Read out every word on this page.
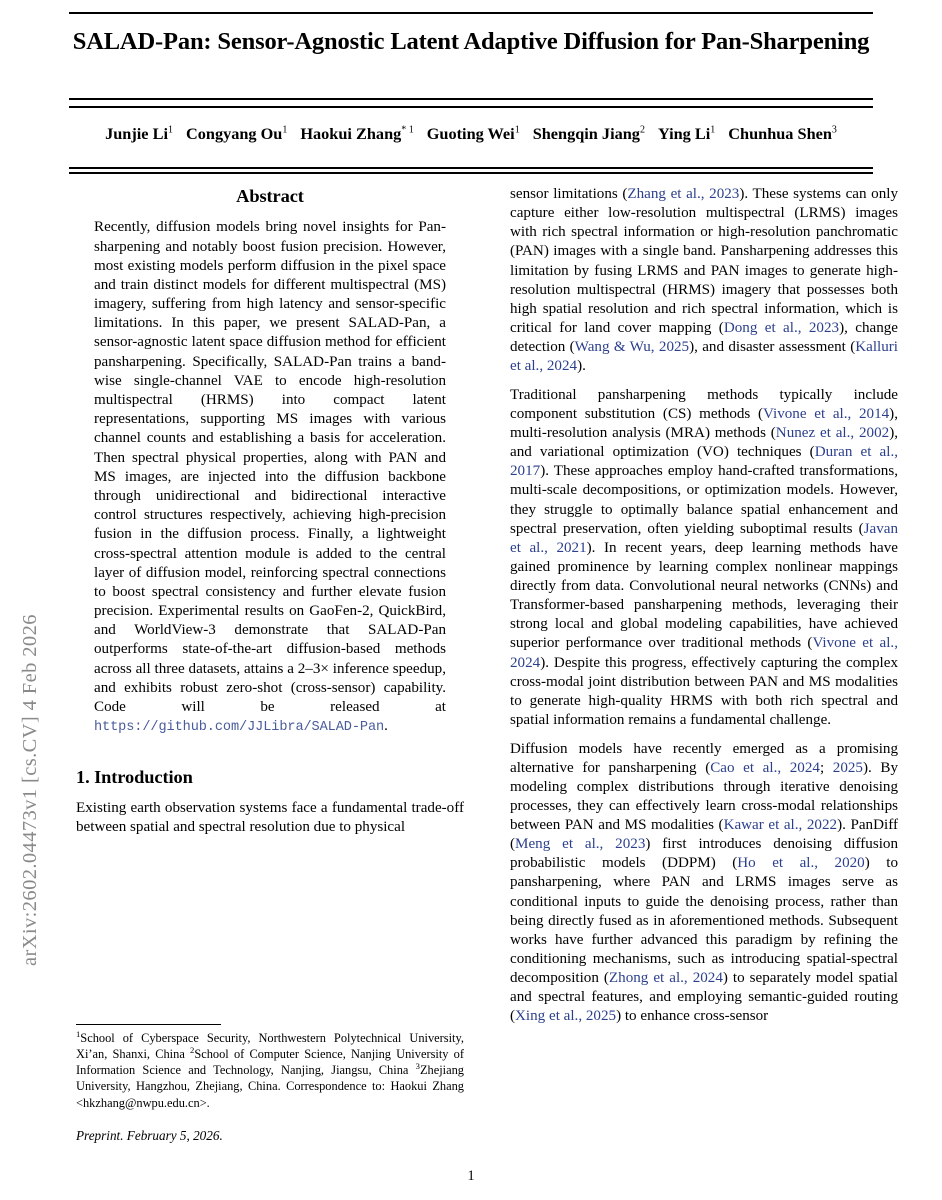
arXiv:2602.04473v1 [cs.CV] 4 Feb 2026
SALAD-Pan: Sensor-Agnostic Latent Adaptive Diffusion for Pan-Sharpening
Junjie Li$^1$ Congyang Ou$^1$ Haokui Zhang$^{* 1}$ Guoting Wei$^1$ Shengqin Jiang$^2$ Ying Li$^1$ Chunhua Shen$^3$
Abstract

Recently, diffusion models bring novel insights for Pan-sharpening and notably boost fusion precision. However, most existing models perform diffusion in the pixel space and train distinct models for different multispectral (MS) imagery, suffering from high latency and sensor-specific limitations. In this paper, we present SALAD-Pan, a sensor-agnostic latent space diffusion method for efficient pansharpening. Specifically, SALAD-Pan trains a band-wise single-channel VAE to encode high-resolution multispectral (HRMS) into compact latent representations, supporting MS images with various channel counts and establishing a basis for acceleration. Then spectral physical properties, along with PAN and MS images, are injected into the diffusion backbone through unidirectional and bidirectional interactive control structures respectively, achieving high-precision fusion in the diffusion process. Finally, a lightweight cross-spectral attention module is added to the central layer of diffusion model, reinforcing spectral connections to boost spectral consistency and further elevate fusion precision. Experimental results on GaoFen-2, QuickBird, and WorldView-3 demonstrate that SALAD-Pan outperforms state-of-the-art diffusion-based methods across all three datasets, attains a 2–3× inference speedup, and exhibits robust zero-shot (cross-sensor) capability. Code will be released at https://github.com/JJLibra/SALAD-Pan.

1. Introduction

Existing earth observation systems face a fundamental trade-off between spatial and spectral resolution due to physical

sensor limitations (Zhang et al., 2023). These systems can only capture either low-resolution multispectral (LRMS) images with rich spectral information or high-resolution panchromatic (PAN) images with a single band. Pansharpening addresses this limitation by fusing LRMS and PAN images to generate high-resolution multispectral (HRMS) imagery that possesses both high spatial resolution and rich spectral information, which is critical for land cover mapping (Dong et al., 2023), change detection (Wang & Wu, 2025), and disaster assessment (Kalluri et al., 2024).

Traditional pansharpening methods typically include component substitution (CS) methods (Vivone et al., 2014), multi-resolution analysis (MRA) methods (Nunez et al., 2002), and variational optimization (VO) techniques (Duran et al., 2017). These approaches employ hand-crafted transformations, multi-scale decompositions, or optimization models. However, they struggle to optimally balance spatial enhancement and spectral preservation, often yielding suboptimal results (Javan et al., 2021). In recent years, deep learning methods have gained prominence by learning complex nonlinear mappings directly from data. Convolutional neural networks (CNNs) and Transformer-based pansharpening methods, leveraging their strong local and global modeling capabilities, have achieved superior performance over traditional methods (Vivone et al., 2024). Despite this progress, effectively capturing the complex cross-modal joint distribution between PAN and MS modalities to generate high-quality HRMS with both rich spectral and spatial information remains a fundamental challenge.

Diffusion models have recently emerged as a promising alternative for pansharpening (Cao et al., 2024; 2025). By modeling complex distributions through iterative denoising processes, they can effectively learn cross-modal relationships between PAN and MS modalities (Kawar et al., 2022). PanDiff (Meng et al., 2023) first introduces denoising diffusion probabilistic models (DDPM) (Ho et al., 2020) to pansharpening, where PAN and LRMS images serve as conditional inputs to guide the denoising process, rather than being directly fused as in aforementioned methods. Subsequent works have further advanced this paradigm by refining the conditioning mechanisms, such as introducing spatial-spectral decomposition (Zhong et al., 2024) to separately model spatial and spectral features, and employing semantic-guided routing (Xing et al., 2025) to enhance cross-sensor

$^1$School of Cyberspace Security, Northwestern Polytechnical University, Xi’an, Shanxi, China $^2$School of Computer Science, Nanjing University of Information Science and Technology, Nanjing, Jiangsu, China $^3$Zhejiang University, Hangzhou, Zhejiang, China. Correspondence to: Haokui Zhang <hkzhang@nwpu.edu.cn>.
Preprint. February 5, 2026.
1
